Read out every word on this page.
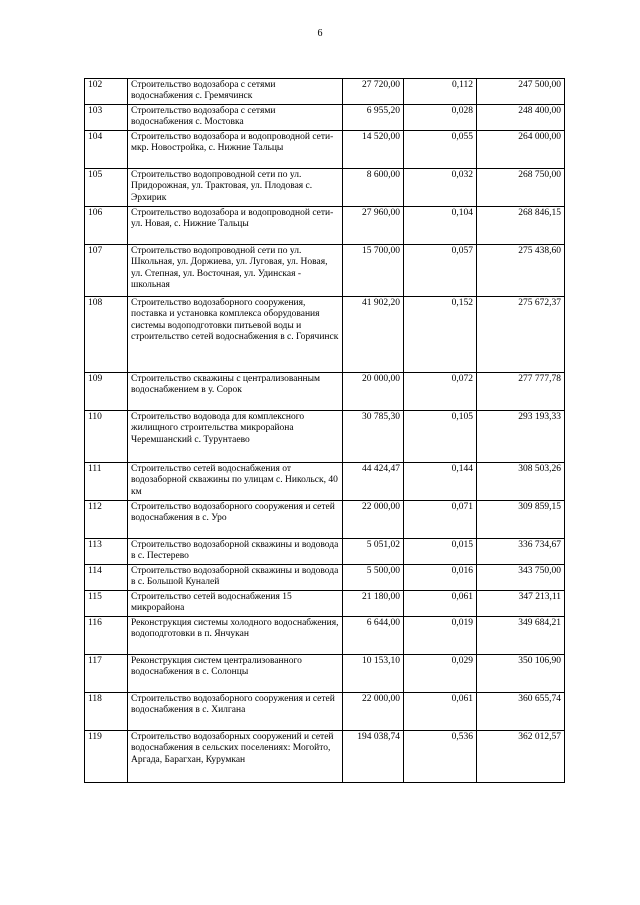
6
102	Строительство водозабора с сетями водоснабжения с. Гремячинск	27 720,00	0,112	247 500,00
103	Строительство водозабора с сетями водоснабжения с. Мостовка	6 955,20	0,028	248 400,00
104	Строительство водозабора и водопроводной сети-мкр. Новостройка, с. Нижние Тальцы	14 520,00	0,055	264 000,00
105	Строительство водопроводной сети по ул. Придорожная, ул. Трактовая, ул. Плодовая с. Эрхирик	8 600,00	0,032	268 750,00
106	Строительство водозабора и водопроводной сети-ул. Новая, с. Нижние Тальцы	27 960,00	0,104	268 846,15
107	Строительство водопроводной сети по ул. Школьная, ул. Доржиева, ул. Луговая, ул. Новая, ул. Степная, ул. Восточная, ул. Удинская - школьная	15 700,00	0,057	275 438,60
108	Строительство водозаборного сооружения, поставка и установка комплекса оборудования системы водоподготовки питьевой воды и строительство сетей водоснабжения в с. Горячинск	41 902,20	0,152	275 672,37
109	Строительство скважины с централизованным водоснабжением в у. Сорок	20 000,00	0,072	277 777,78
110	Строительство водовода для комплексного жилищного строительства микрорайона Черемшанский с. Турунтаево	30 785,30	0,105	293 193,33
111	Строительство сетей водоснабжения от водозаборной скважины по улицам с. Никольск, 40 км	44 424,47	0,144	308 503,26
112	Строительство водозаборного сооружения и сетей водоснабжения в с. Уро	22 000,00	0,071	309 859,15
113	Строительство водозаборной скважины и водовода в с. Пестерево	5 051,02	0,015	336 734,67
114	Строительство водозаборной скважины и водовода в с. Большой Куналей	5 500,00	0,016	343 750,00
115	Строительство сетей водоснабжения 15 микрорайона	21 180,00	0,061	347 213,11
116	Реконструкция системы холодного водоснабжения, водоподготовки в п. Янчукан	6 644,00	0,019	349 684,21
117	Реконструкция систем централизованного водоснабжения в с. Солонцы	10 153,10	0,029	350 106,90
118	Строительство водозаборного сооружения и сетей водоснабжения в с. Хилгана	22 000,00	0,061	360 655,74
119	Строительство водозаборных сооружений и сетей водоснабжения в сельских поселениях: Могойто, Аргада, Барагхан, Курумкан	194 038,74	0,536	362 012,57
